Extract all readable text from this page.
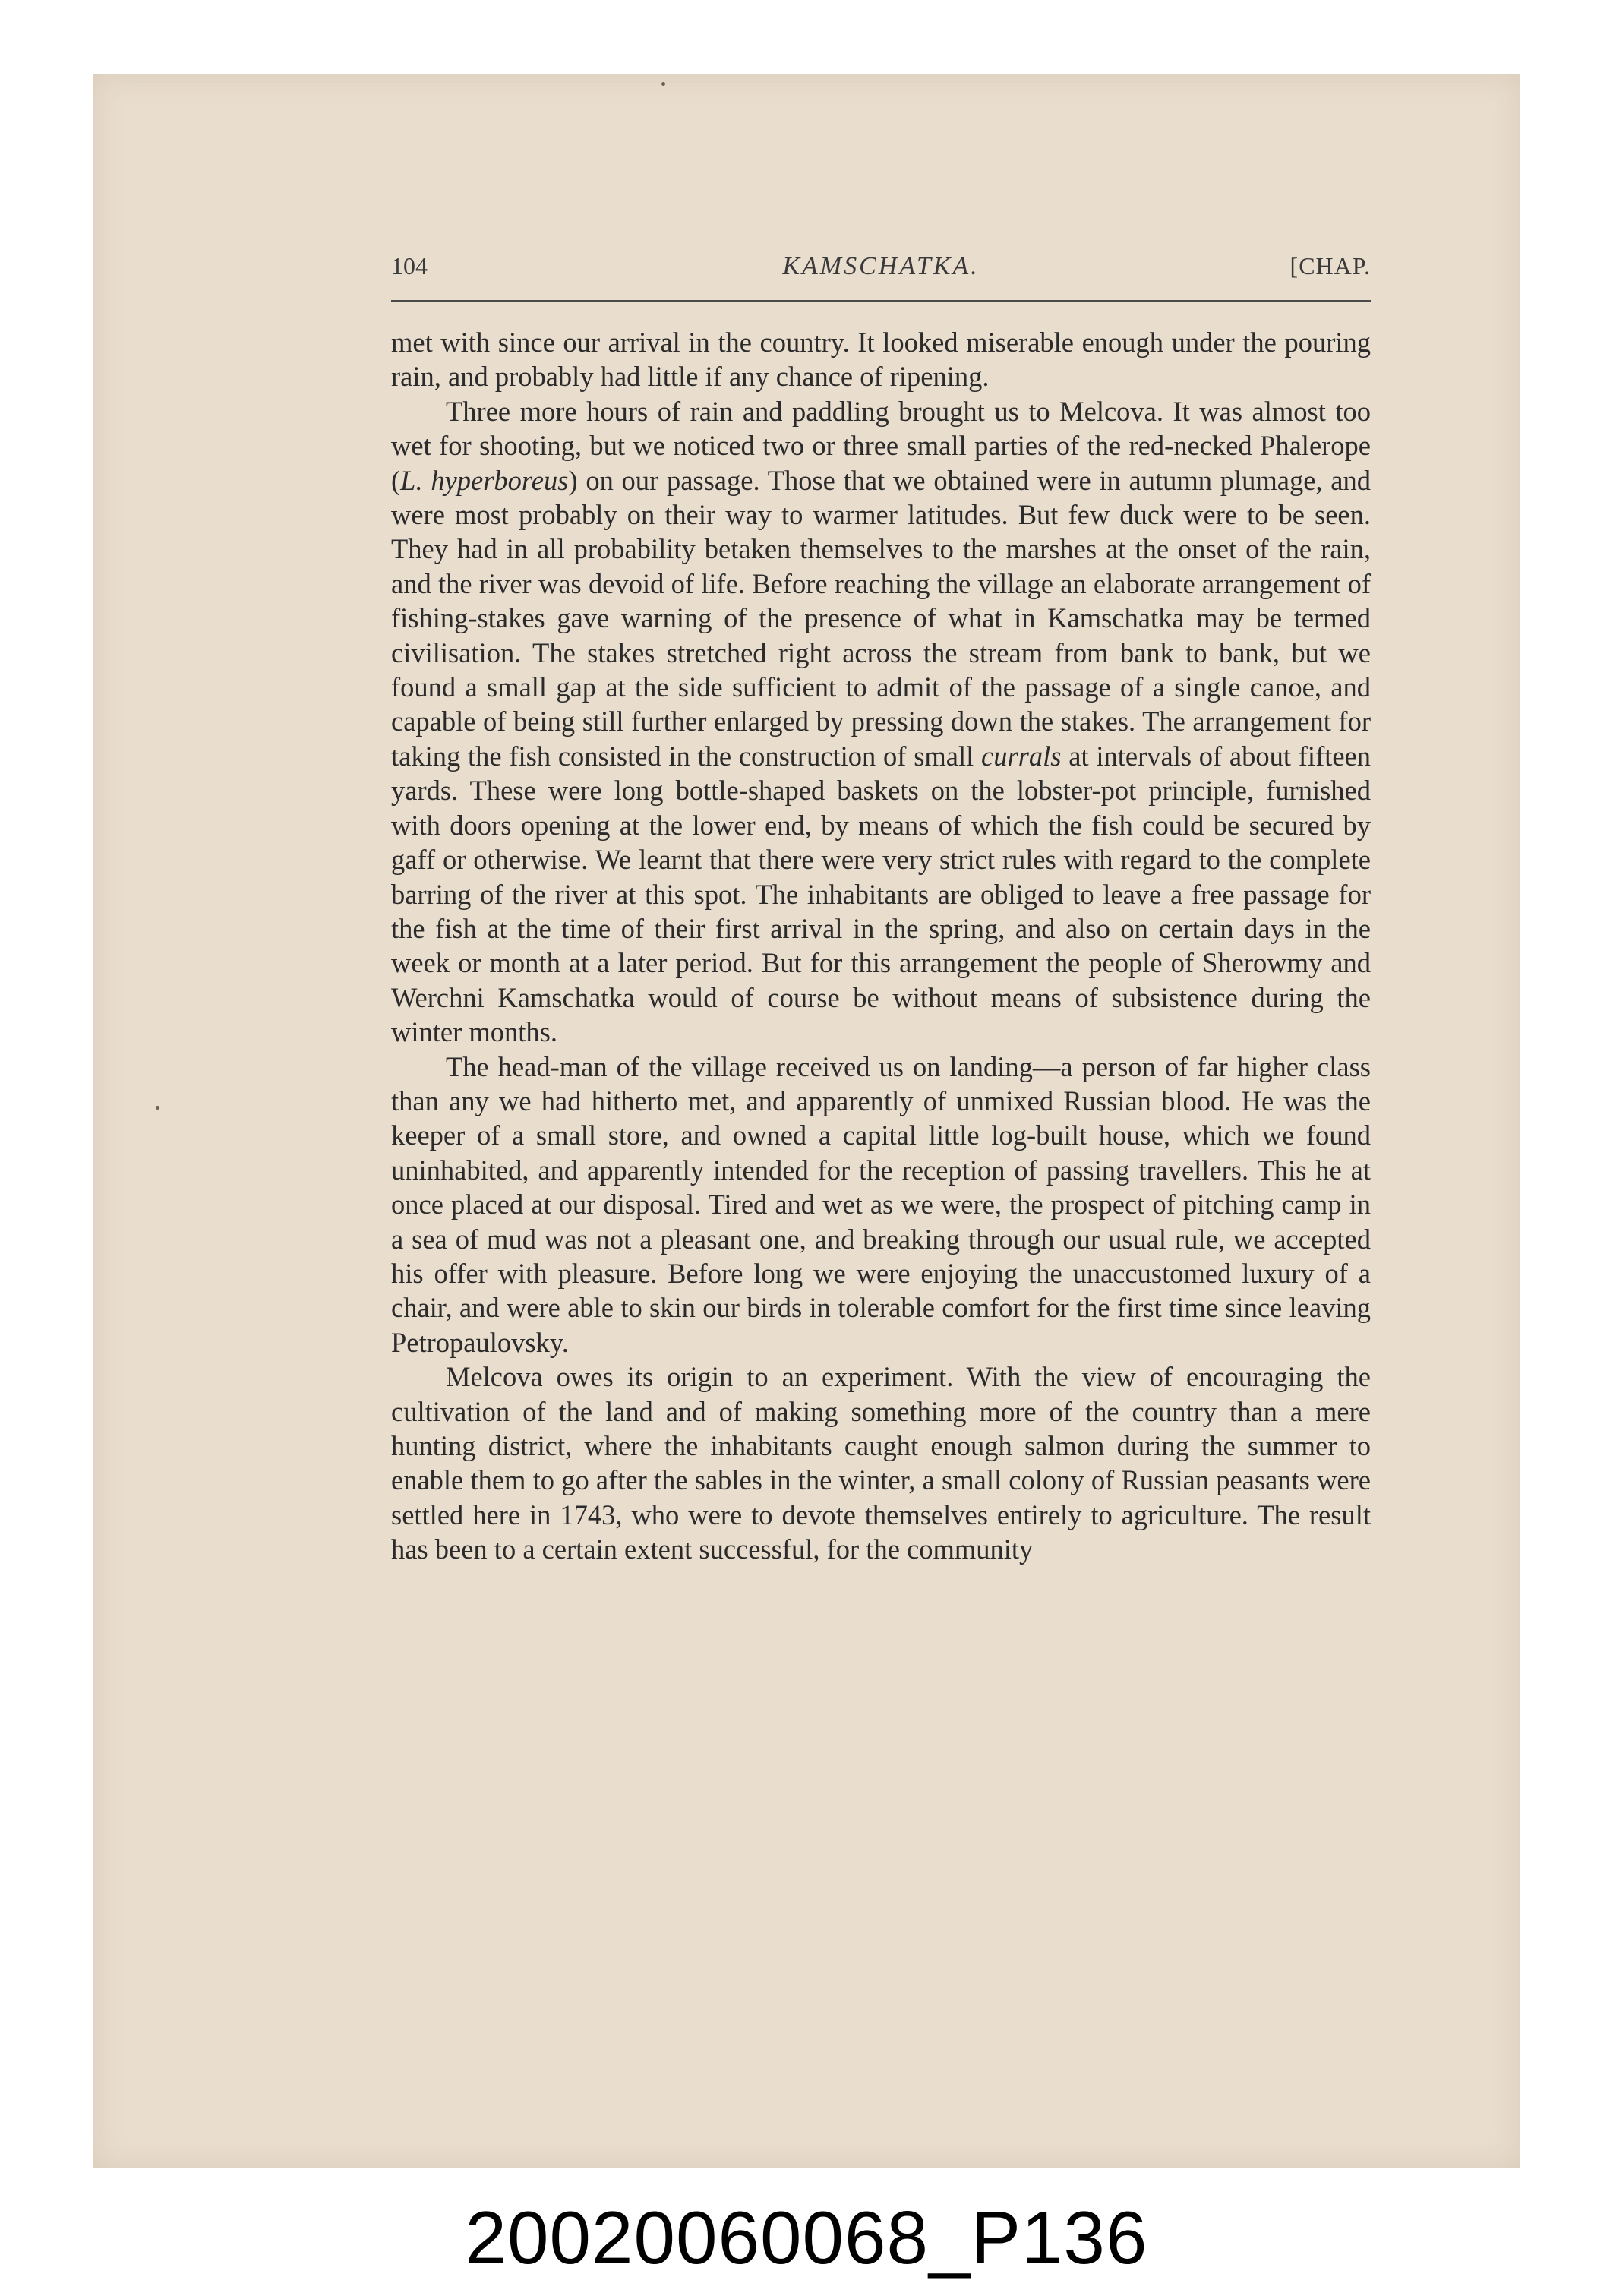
104	KAMSCHATKA.	[CHAP.

met with since our arrival in the country. It looked miserable enough under the pouring rain, and probably had little if any chance of ripening.

Three more hours of rain and paddling brought us to Melcova. It was almost too wet for shooting, but we noticed two or three small parties of the red-necked Phalerope (L. hyperboreus) on our passage. Those that we obtained were in autumn plumage, and were most probably on their way to warmer latitudes. But few duck were to be seen. They had in all probability betaken themselves to the marshes at the onset of the rain, and the river was devoid of life. Before reaching the village an elaborate arrangement of fishing-stakes gave warning of the presence of what in Kamschatka may be termed civilisation. The stakes stretched right across the stream from bank to bank, but we found a small gap at the side sufficient to admit of the passage of a single canoe, and capable of being still further enlarged by pressing down the stakes. The arrangement for taking the fish consisted in the construction of small currals at intervals of about fifteen yards. These were long bottle-shaped baskets on the lobster-pot principle, furnished with doors opening at the lower end, by means of which the fish could be secured by gaff or otherwise. We learnt that there were very strict rules with regard to the complete barring of the river at this spot. The inhabitants are obliged to leave a free passage for the fish at the time of their first arrival in the spring, and also on certain days in the week or month at a later period. But for this arrangement the people of Sherowmy and Werchni Kamschatka would of course be without means of subsistence during the winter months.

The head-man of the village received us on landing—a person of far higher class than any we had hitherto met, and apparently of unmixed Russian blood. He was the keeper of a small store, and owned a capital little log-built house, which we found uninhabited, and apparently intended for the reception of passing travellers. This he at once placed at our disposal. Tired and wet as we were, the prospect of pitching camp in a sea of mud was not a pleasant one, and breaking through our usual rule, we accepted his offer with pleasure. Before long we were enjoying the unaccustomed luxury of a chair, and were able to skin our birds in tolerable comfort for the first time since leaving Petropaulovsky.

Melcova owes its origin to an experiment. With the view of encouraging the cultivation of the land and of making something more of the country than a mere hunting district, where the inhabitants caught enough salmon during the summer to enable them to go after the sables in the winter, a small colony of Russian peasants were settled here in 1743, who were to devote themselves entirely to agriculture. The result has been to a certain extent successful, for the community

20020060068_P136
